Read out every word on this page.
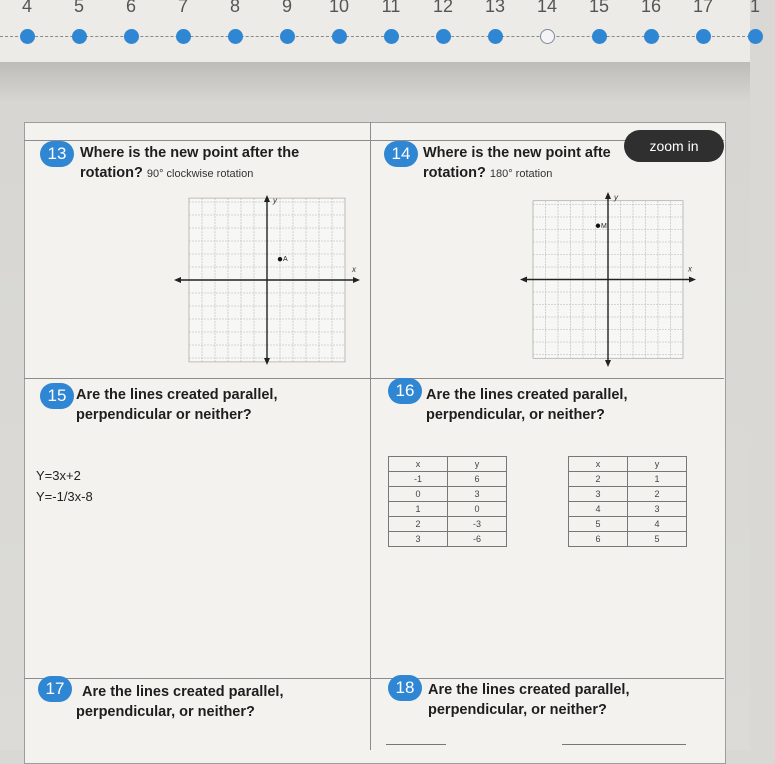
4	5	6	7	8	9	10	11	12	13	14	15	16	17	1
13 Where is the new point after the
rotation? 90° clockwise rotation
x
y
A
14 Where is the new point afte
rotation? 180° rotation
x
y
M
zoom in
15 Are the lines created parallel,
perpendicular or neither?
Y=3x+2
Y=-1/3x-8
16 Are the lines created parallel,
perpendicular, or neither?
x	y
-1	6
0	3
1	0
2	-3
3	-6
x	y
2	1
3	2
4	3
5	4
6	5
17	Are the lines created parallel,
perpendicular, or neither?
18 Are the lines created parallel,
perpendicular, or neither?
